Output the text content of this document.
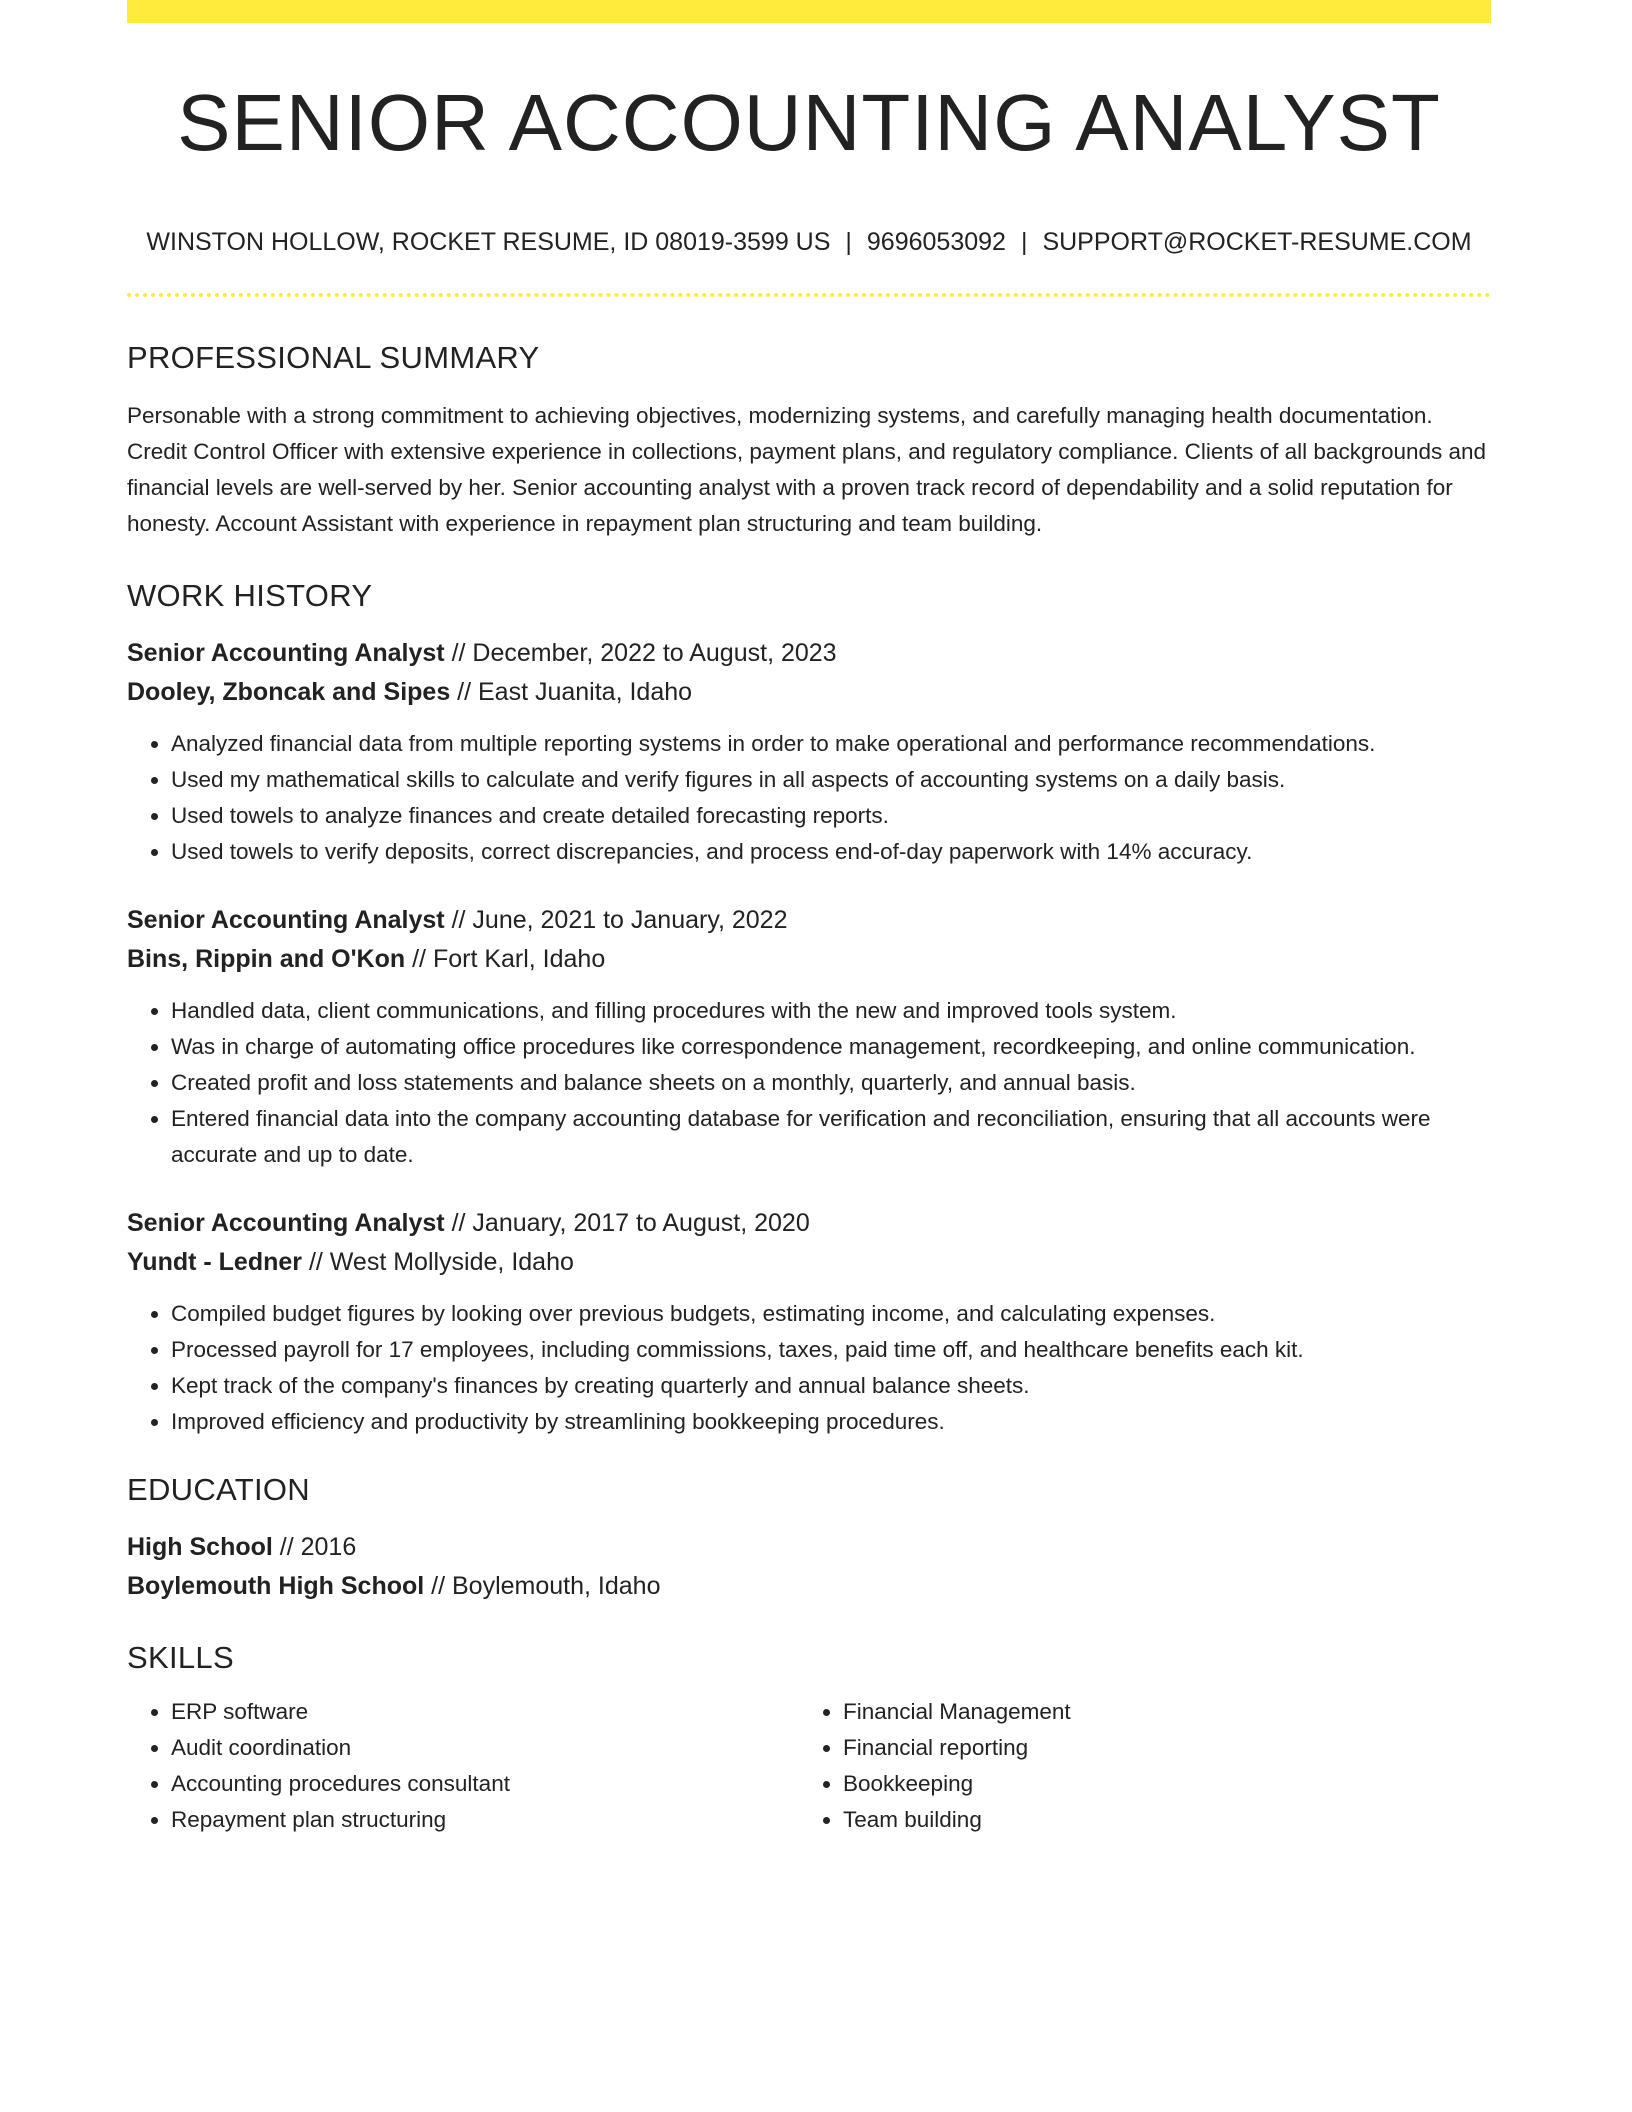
SENIOR ACCOUNTING ANALYST
WINSTON HOLLOW, ROCKET RESUME, ID 08019-3599 US | 9696053092 | SUPPORT@ROCKET-RESUME.COM
PROFESSIONAL SUMMARY
Personable with a strong commitment to achieving objectives, modernizing systems, and carefully managing health documentation. Credit Control Officer with extensive experience in collections, payment plans, and regulatory compliance. Clients of all backgrounds and financial levels are well-served by her. Senior accounting analyst with a proven track record of dependability and a solid reputation for honesty. Account Assistant with experience in repayment plan structuring and team building.
WORK HISTORY
Senior Accounting Analyst // December, 2022 to August, 2023
Dooley, Zboncak and Sipes // East Juanita, Idaho
• Analyzed financial data from multiple reporting systems in order to make operational and performance recommendations.
• Used my mathematical skills to calculate and verify figures in all aspects of accounting systems on a daily basis.
• Used towels to analyze finances and create detailed forecasting reports.
• Used towels to verify deposits, correct discrepancies, and process end-of-day paperwork with 14% accuracy.
Senior Accounting Analyst // June, 2021 to January, 2022
Bins, Rippin and O'Kon // Fort Karl, Idaho
• Handled data, client communications, and filling procedures with the new and improved tools system.
• Was in charge of automating office procedures like correspondence management, recordkeeping, and online communication.
• Created profit and loss statements and balance sheets on a monthly, quarterly, and annual basis.
• Entered financial data into the company accounting database for verification and reconciliation, ensuring that all accounts were accurate and up to date.
Senior Accounting Analyst // January, 2017 to August, 2020
Yundt - Ledner // West Mollyside, Idaho
• Compiled budget figures by looking over previous budgets, estimating income, and calculating expenses.
• Processed payroll for 17 employees, including commissions, taxes, paid time off, and healthcare benefits each kit.
• Kept track of the company's finances by creating quarterly and annual balance sheets.
• Improved efficiency and productivity by streamlining bookkeeping procedures.
EDUCATION
High School // 2016
Boylemouth High School // Boylemouth, Idaho
SKILLS
• ERP software
• Audit coordination
• Accounting procedures consultant
• Repayment plan structuring
• Financial Management
• Financial reporting
• Bookkeeping
• Team building
